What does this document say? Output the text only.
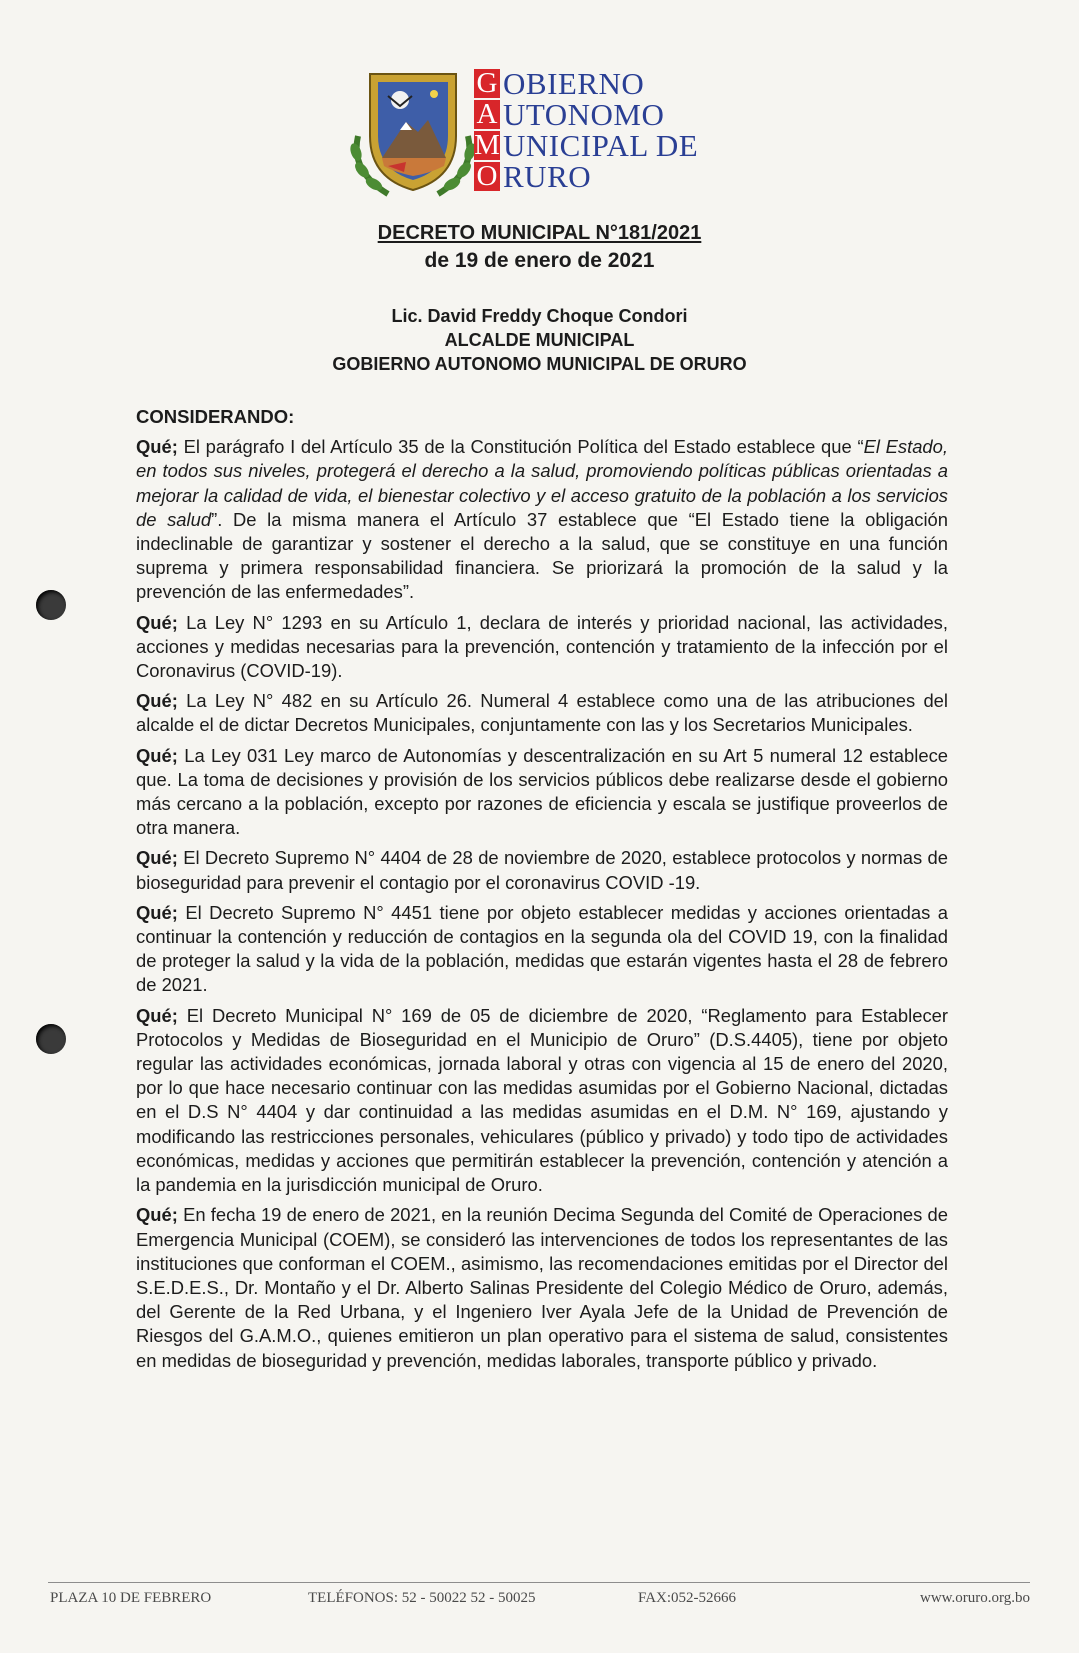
G OBIERNO
A UTONOMO
M UNICIPAL DE
O RURO
DECRETO MUNICIPAL N°181/2021
de 19 de enero de 2021
Lic. David Freddy Choque Condori
ALCALDE MUNICIPAL
GOBIERNO AUTONOMO MUNICIPAL DE ORURO
CONSIDERANDO:

Qué; El parágrafo I del Artículo 35 de la Constitución Política del Estado establece que “El Estado, en todos sus niveles, protegerá el derecho a la salud, promoviendo políticas públicas orientadas a mejorar la calidad de vida, el bienestar colectivo y el acceso gratuito de la población a los servicios de salud”. De la misma manera el Artículo 37 establece que “El Estado tiene la obligación indeclinable de garantizar y sostener el derecho a la salud, que se constituye en una función suprema y primera responsabilidad financiera. Se priorizará la promoción de la salud y la prevención de las enfermedades”.

Qué; La Ley N° 1293 en su Artículo 1, declara de interés y prioridad nacional, las actividades, acciones y medidas necesarias para la prevención, contención y tratamiento de la infección por el Coronavirus (COVID-19).

Qué; La Ley N° 482 en su Artículo 26. Numeral 4 establece como una de las atribuciones del alcalde el de dictar Decretos Municipales, conjuntamente con las y los Secretarios Municipales.

Qué; La Ley 031 Ley marco de Autonomías y descentralización en su Art 5 numeral 12 establece que. La toma de decisiones y provisión de los servicios públicos debe realizarse desde el gobierno más cercano a la población, excepto por razones de eficiencia y escala se justifique proveerlos de otra manera.

Qué; El Decreto Supremo N° 4404 de 28 de noviembre de 2020, establece protocolos y normas de bioseguridad para prevenir el contagio por el coronavirus COVID -19.

Qué; El Decreto Supremo N° 4451 tiene por objeto establecer medidas y acciones orientadas a continuar la contención y reducción de contagios en la segunda ola del COVID 19, con la finalidad de proteger la salud y la vida de la población, medidas que estarán vigentes hasta el 28 de febrero de 2021.

Qué; El Decreto Municipal N° 169 de 05 de diciembre de 2020, “Reglamento para Establecer Protocolos y Medidas de Bioseguridad en el Municipio de Oruro” (D.S.4405), tiene por objeto regular las actividades económicas, jornada laboral y otras con vigencia al 15 de enero del 2020, por lo que hace necesario continuar con las medidas asumidas por el Gobierno Nacional, dictadas en el D.S N° 4404 y dar continuidad a las medidas asumidas en el D.M. N° 169, ajustando y modificando las restricciones personales, vehiculares (público y privado) y todo tipo de actividades económicas, medidas y acciones que permitirán establecer la prevención, contención y atención a la pandemia en la jurisdicción municipal de Oruro.

Qué; En fecha 19 de enero de 2021, en la reunión Decima Segunda del Comité de Operaciones de Emergencia Municipal (COEM), se consideró las intervenciones de todos los representantes de las instituciones que conforman el COEM., asimismo, las recomendaciones emitidas por el Director del S.E.D.E.S., Dr. Montaño y el Dr. Alberto Salinas Presidente del Colegio Médico de Oruro, además, del Gerente de la Red Urbana, y el Ingeniero Iver Ayala Jefe de la Unidad de Prevención de Riesgos del G.A.M.O., quienes emitieron un plan operativo para el sistema de salud, consistentes en medidas de bioseguridad y prevención, medidas laborales, transporte público y privado.

PLAZA 10 DE FEBRERO	TELÉFONOS: 52 - 50022 52 - 50025	FAX:052-52666	www.oruro.org.bo
